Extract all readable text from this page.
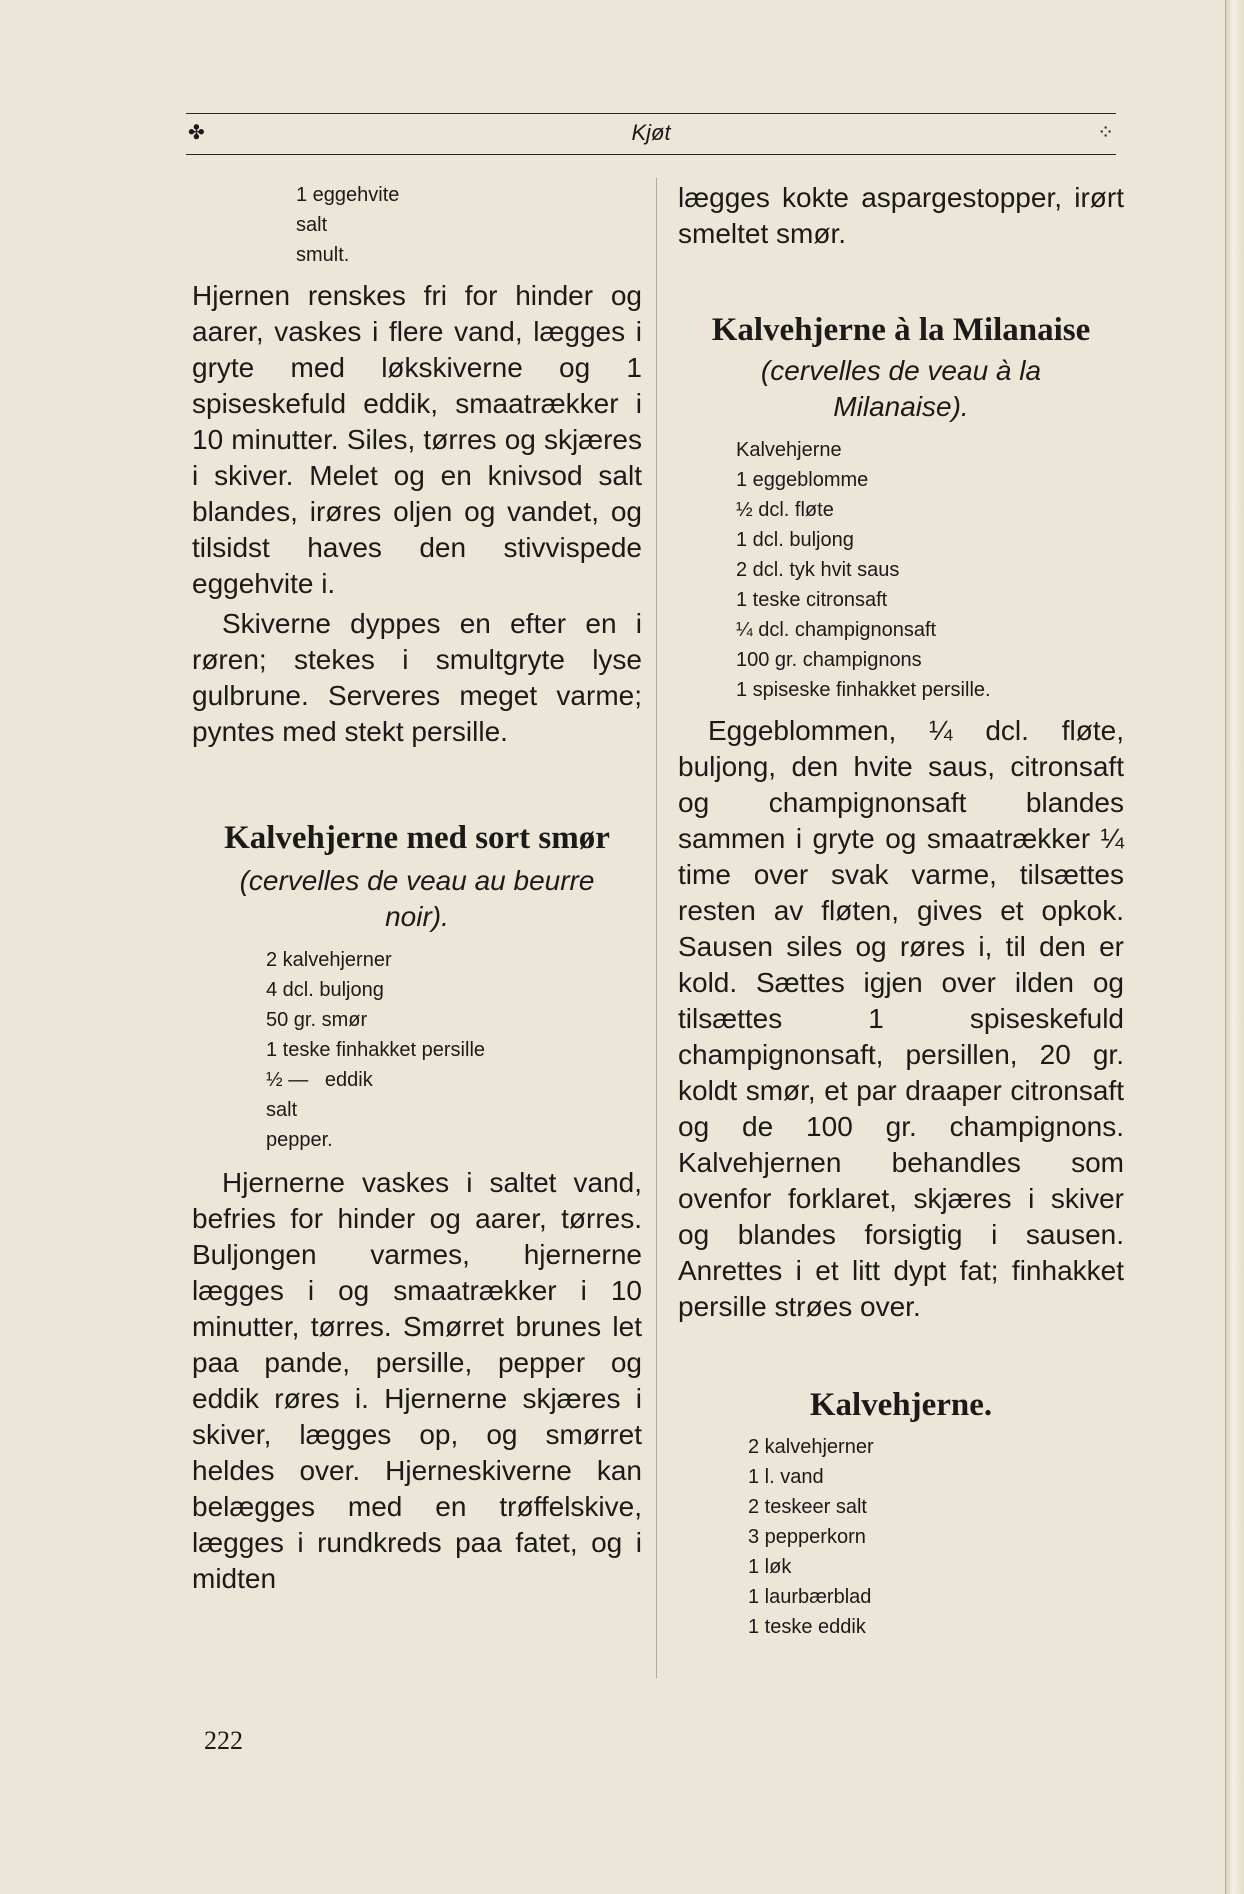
✤	Kjøt	⁘
1 eggehvite
salt
smult.

Hjernen renskes fri for hinder og aarer, vaskes i flere vand, lægges i gryte med løkskiverne og 1 spiseskefuld eddik, smaatrækker i 10 minutter. Siles, tørres og skjæres i skiver. Melet og en knivsod salt blandes, irøres oljen og vandet, og tilsidst haves den stivvispede eggehvite i.

Skiverne dyppes en efter en i røren; stekes i smultgryte lyse gulbrune. Serveres meget varme; pyntes med stekt persille.

Kalvehjerne med sort smør

(cervelles de veau au beurre noir).

2 kalvehjerner
4 dcl. buljong
50 gr. smør
1 teske finhakket persille
½ —   eddik
salt
pepper.

Hjernerne vaskes i saltet vand, befries for hinder og aarer, tørres. Buljongen varmes, hjernerne lægges i og smaatrækker i 10 minutter, tørres. Smørret brunes let paa pande, persille, pepper og eddik røres i. Hjernerne skjæres i skiver, lægges op, og smørret heldes over. Hjerneskiverne kan belægges med en trøffelskive, lægges i rundkreds paa fatet, og i midten

lægges kokte aspargestopper, irørt smeltet smør.

Kalvehjerne à la Milanaise

(cervelles de veau à la Milanaise).

Kalvehjerne
1 eggeblomme
½ dcl. fløte
1 dcl. buljong
2 dcl. tyk hvit saus
1 teske citronsaft
¼ dcl. champignonsaft
100 gr. champignons
1 spiseske finhakket persille.

Eggeblommen, ¼ dcl. fløte, buljong, den hvite saus, citronsaft og champignonsaft blandes sammen i gryte og smaatrækker ¼ time over svak varme, tilsættes resten av fløten, gives et opkok. Sausen siles og røres i, til den er kold. Sættes igjen over ilden og tilsættes 1 spiseskefuld champignonsaft, persillen, 20 gr. koldt smør, et par draaper citronsaft og de 100 gr. champignons. Kalvehjernen behandles som ovenfor forklaret, skjæres i skiver og blandes forsigtig i sausen. Anrettes i et litt dypt fat; finhakket persille strøes over.

Kalvehjerne.
2 kalvehjerner
1 l. vand
2 teskeer salt
3 pepperkorn
1 løk
1 laurbærblad
1 teske eddik
222
